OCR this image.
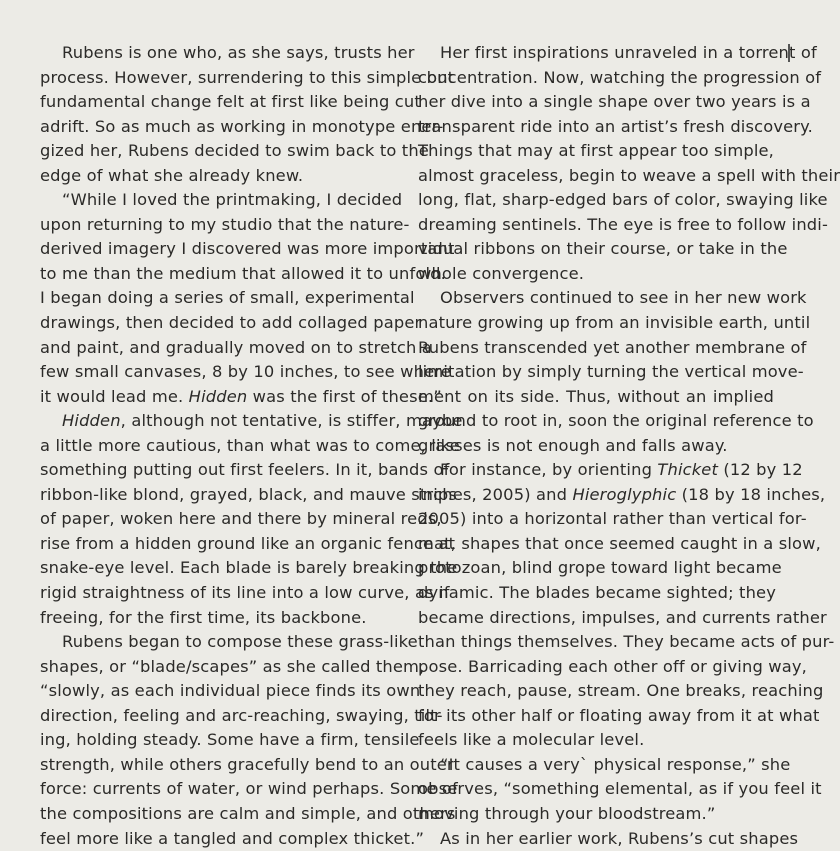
Rubens is one who, as she says, trusts her
process. However, surrendering to this simple but
fundamental change felt at first like being cut
adrift. So as much as working in monotype ener-
gized her, Rubens decided to swim back to the
edge of what she already knew.
“While I loved the printmaking, I decided
upon returning to my studio that the nature-
derived imagery I discovered was more important
to me than the medium that allowed it to unfold.
I began doing a series of small, experimental
drawings, then decided to add collaged paper
and paint, and gradually moved on to stretch a
few small canvases, 8 by 10 inches, to see where
it would lead me. Hidden was the first of these.”
Hidden, although not tentative, is stiffer, maybe
a little more cautious, than what was to come, like
something putting out first feelers. In it, bands of
ribbon-like blond, grayed, black, and mauve strips
of paper, woken here and there by mineral reds,
rise from a hidden ground like an organic fence at
snake-eye level. Each blade is barely breaking the
rigid straightness of its line into a low curve, as if
freeing, for the first time, its backbone.
Rubens began to compose these grass-like
shapes, or “blade/scapes” as she called them,
“slowly, as each individual piece finds its own
direction, feeling and arc-reaching, swaying, tilt-
ing, holding steady. Some have a firm, tensile
strength, while others gracefully bend to an outer
force: currents of water, or wind perhaps. Some of
the compositions are calm and simple, and others
feel more like a tangled and complex thicket.”
Her first inspirations unraveled in a torrent of
concentration. Now, watching the progression of
her dive into a single shape over two years is a
transparent ride into an artist’s fresh discovery.
Things that may at first appear too simple,
almost graceless, begin to weave a spell with their
long, flat, sharp-edged bars of color, swaying like
dreaming sentinels. The eye is free to follow indi-
vidual ribbons on their course, or take in the
whole convergence.
Observers continued to see in her new work
nature growing up from an invisible earth, until
Rubens transcended yet another membrane of
limitation by simply turning the vertical move-
ment on its side. Thus, without an implied
ground to root in, soon the original reference to
grasses is not enough and falls away.
For instance, by orienting Thicket (12 by 12
inches, 2005) and Hieroglyphic (18 by 18 inches,
2005) into a horizontal rather than vertical for-
mat, shapes that once seemed caught in a slow,
protozoan, blind grope toward light became
dynamic. The blades became sighted; they
became directions, impulses, and currents rather
than things themselves. They became acts of pur-
pose. Barricading each other off or giving way,
they reach, pause, stream. One breaks, reaching
for its other half or floating away from it at what
feels like a molecular level.
“It causes a very` physical response,” she
observes, “something elemental, as if you feel it
moving through your bloodstream.”
As in her earlier work, Rubens’s cut shapes
